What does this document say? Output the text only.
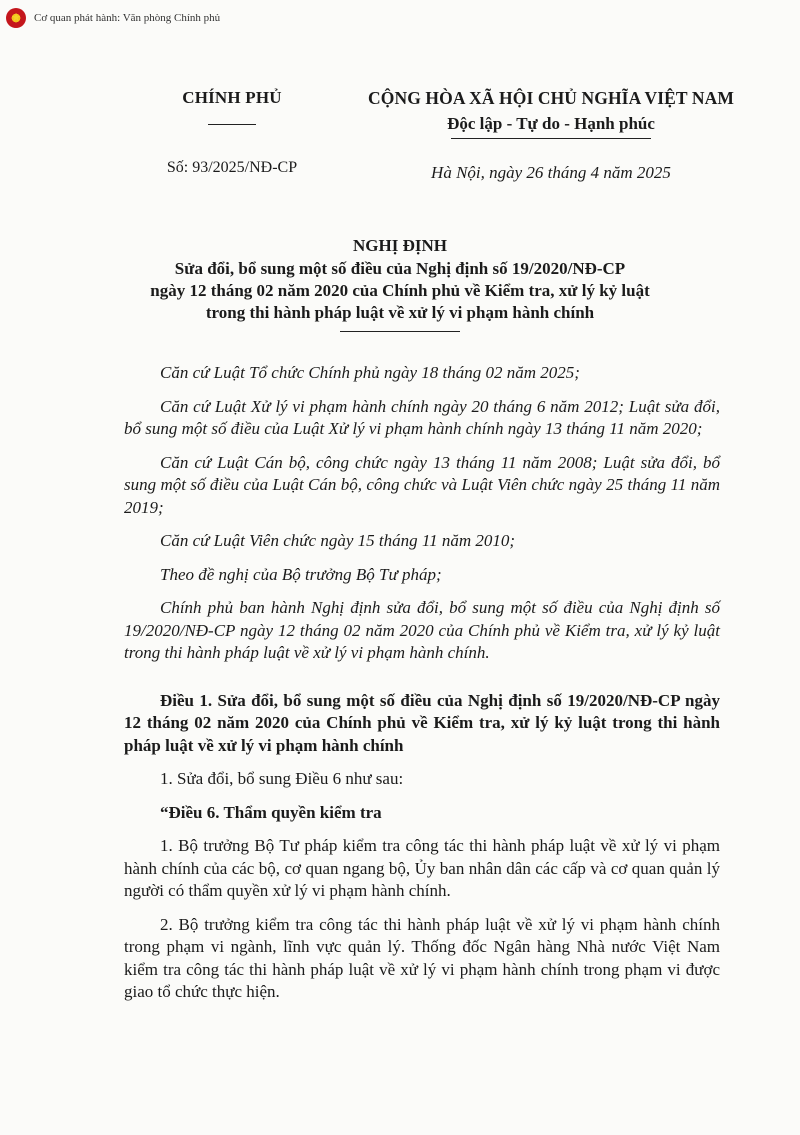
★	Cơ quan phát hành: Văn phòng Chính phủ
CHÍNH PHỦ
Số: 93/2025/NĐ-CP
CỘNG HÒA XÃ HỘI CHỦ NGHĨA VIỆT NAM
Độc lập - Tự do - Hạnh phúc
Hà Nội, ngày 26 tháng 4 năm 2025
NGHỊ ĐỊNH
Sửa đổi, bổ sung một số điều của Nghị định số 19/2020/NĐ-CP
ngày 12 tháng 02 năm 2020 của Chính phủ về Kiểm tra, xử lý kỷ luật
trong thi hành pháp luật về xử lý vi phạm hành chính

Căn cứ Luật Tổ chức Chính phủ ngày 18 tháng 02 năm 2025;

Căn cứ Luật Xử lý vi phạm hành chính ngày 20 tháng 6 năm 2012; Luật sửa đổi, bổ sung một số điều của Luật Xử lý vi phạm hành chính ngày 13 tháng 11 năm 2020;

Căn cứ Luật Cán bộ, công chức ngày 13 tháng 11 năm 2008; Luật sửa đổi, bổ sung một số điều của Luật Cán bộ, công chức và Luật Viên chức ngày 25 tháng 11 năm 2019;

Căn cứ Luật Viên chức ngày 15 tháng 11 năm 2010;

Theo đề nghị của Bộ trưởng Bộ Tư pháp;

Chính phủ ban hành Nghị định sửa đổi, bổ sung một số điều của Nghị định số 19/2020/NĐ-CP ngày 12 tháng 02 năm 2020 của Chính phủ về Kiểm tra, xử lý kỷ luật trong thi hành pháp luật về xử lý vi phạm hành chính.

Điều 1. Sửa đổi, bổ sung một số điều của Nghị định số 19/2020/NĐ-CP ngày 12 tháng 02 năm 2020 của Chính phủ về Kiểm tra, xử lý kỷ luật trong thi hành pháp luật về xử lý vi phạm hành chính

1. Sửa đổi, bổ sung Điều 6 như sau:

“Điều 6. Thẩm quyền kiểm tra

1. Bộ trưởng Bộ Tư pháp kiểm tra công tác thi hành pháp luật về xử lý vi phạm hành chính của các bộ, cơ quan ngang bộ, Ủy ban nhân dân các cấp và cơ quan quản lý người có thẩm quyền xử lý vi phạm hành chính.

2. Bộ trưởng kiểm tra công tác thi hành pháp luật về xử lý vi phạm hành chính trong phạm vi ngành, lĩnh vực quản lý. Thống đốc Ngân hàng Nhà nước Việt Nam kiểm tra công tác thi hành pháp luật về xử lý vi phạm hành chính trong phạm vi được giao tổ chức thực hiện.
